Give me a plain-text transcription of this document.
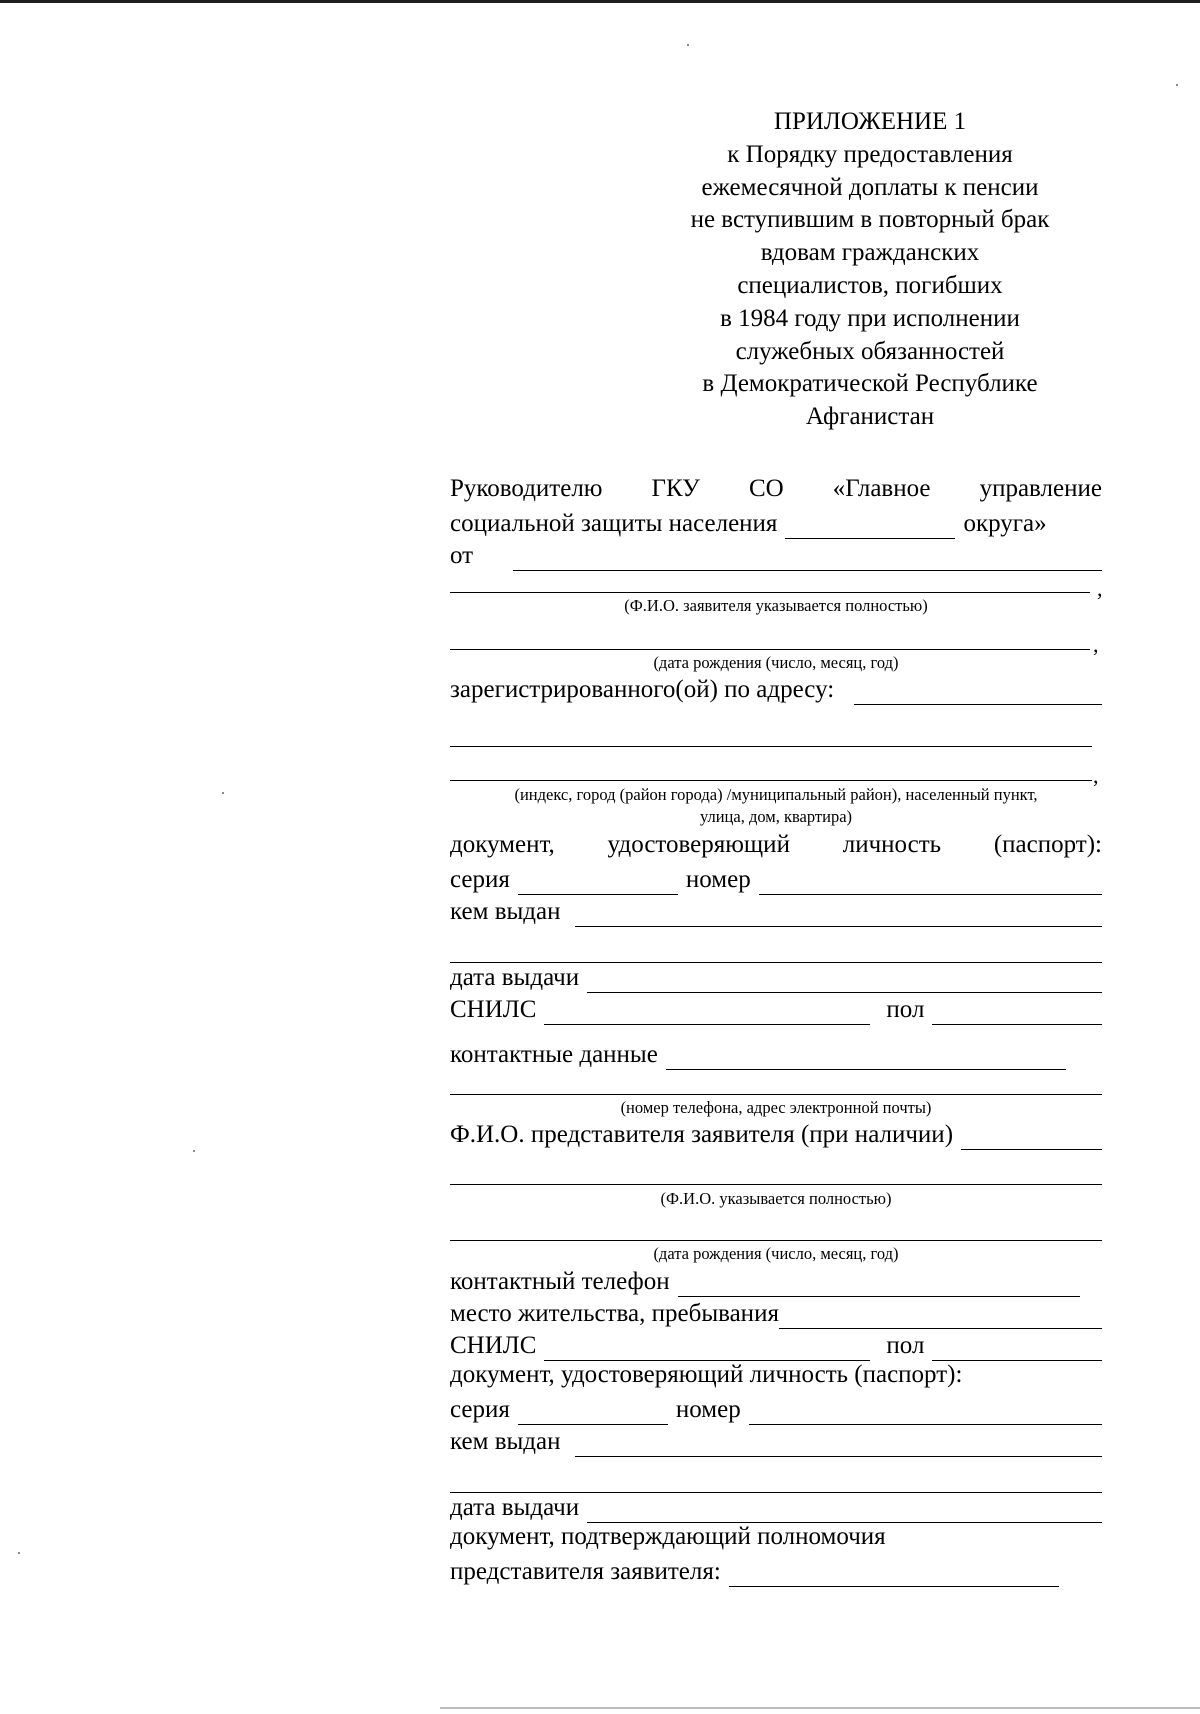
ПРИЛОЖЕНИЕ 1
к Порядку предоставления
ежемесячной доплаты к пенсии
не вступившим в повторный брак
вдовам гражданских
специалистов, погибших
в 1984 году при исполнении
служебных обязанностей
в Демократической Республике
Афганистан
Руководителю ГКУ СО «Главное управление
социальной защиты населения	округа»
от
,
(Ф.И.О. заявителя указывается полностью)
,
(дата рождения (число, месяц, год)
зарегистрированного(ой) по адресу:
,
(индекс, город (район города) /муниципальный район), населенный пункт,
улица, дом, квартира)
документ, удостоверяющий личность (паспорт):
серия	номер
кем выдан
дата выдачи
СНИЛС	пол
контактные данные
(номер телефона, адрес электронной почты)
Ф.И.О. представителя заявителя (при наличии)
(Ф.И.О. указывается полностью)
(дата рождения (число, месяц, год)
контактный телефон
место жительства, пребывания
СНИЛС	пол
документ, удостоверяющий личность (паспорт):
серия	номер
кем выдан
дата выдачи
документ, подтверждающий полномочия
представителя заявителя:
